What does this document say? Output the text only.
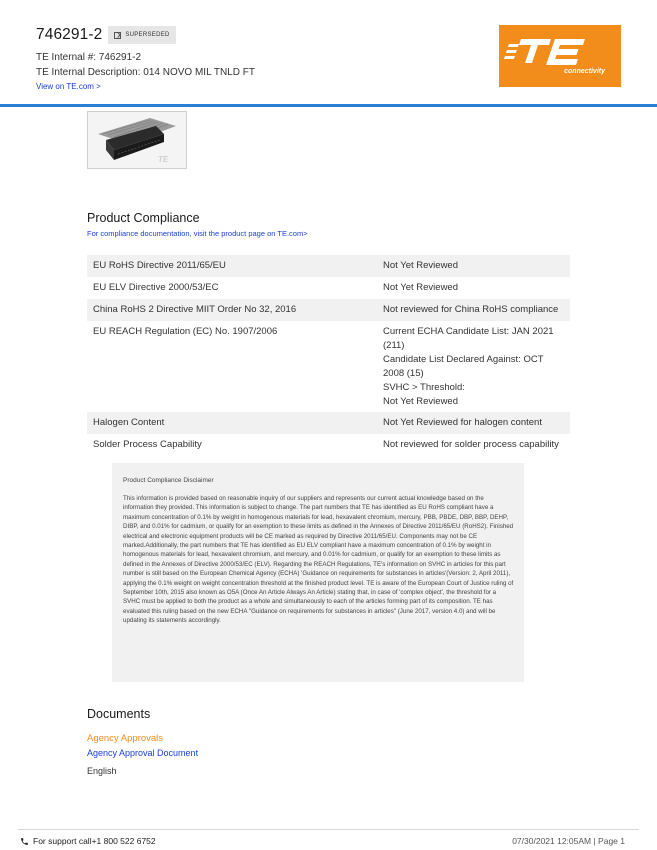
746291-2	SUPERSEDED
TE Internal #: 746291-2
TE Internal Description: 014 NOVO MIL TNLD FT
View on TE.com >
connectivity
TE
Product Compliance
For compliance documentation, visit the product page on TE.com>
EU RoHS Directive 2011/65/EU	Not Yet Reviewed
EU ELV Directive 2000/53/EC	Not Yet Reviewed
China RoHS 2 Directive MIIT Order No 32, 2016	Not reviewed for China RoHS compliance
EU REACH Regulation (EC) No. 1907/2006	Current ECHA Candidate List: JAN 2021 (211)
Candidate List Declared Against: OCT 2008 (15)
SVHC > Threshold:
Not Yet Reviewed
Halogen Content	Not Yet Reviewed for halogen content
Solder Process Capability	Not reviewed for solder process capability
Product Compliance Disclaimer
This information is provided based on reasonable inquiry of our suppliers and represents our current actual knowledge based on the information they provided. This information is subject to change. The part numbers that TE has identified as EU RoHS compliant have a maximum concentration of 0.1% by weight in homogenous materials for lead, hexavalent chromium, mercury, PBB, PBDE, DBP, BBP, DEHP, DIBP, and 0.01% for cadmium, or qualify for an exemption to these limits as defined in the Annexes of Directive 2011/65/EU (RoHS2). Finished electrical and electronic equipment products will be CE marked as required by Directive 2011/65/EU. Components may not be CE marked.Additionally, the part numbers that TE has identified as EU ELV compliant have a maximum concentration of 0.1% by weight in homogenous materials for lead, hexavalent chromium, and mercury, and 0.01% for cadmium, or qualify for an exemption to these limits as defined in the Annexes of Directive 2000/53/EC (ELV). Regarding the REACH Regulations, TE's information on SVHC in articles for this part number is still based on the European Chemical Agency (ECHA) 'Guidance on requirements for substances in articles'(Version: 2, April 2011), applying the 0.1% weight on weight concentration threshold at the finished product level. TE is aware of the European Court of Justice ruling of September 10th, 2015 also known as O5A (Once An Article Always An Article) stating that, in case of 'complex object', the threshold for a SVHC must be applied to both the product as a whole and simultaneously to each of the articles forming part of its composition. TE has evaluated this ruling based on the new ECHA "Guidance on requirements for substances in articles" (June 2017, version 4.0) and will be updating its statements accordingly.
Documents
Agency Approvals
Agency Approval Document
English
For support call+1 800 522 6752	07/30/2021 12:05AM | Page 1
